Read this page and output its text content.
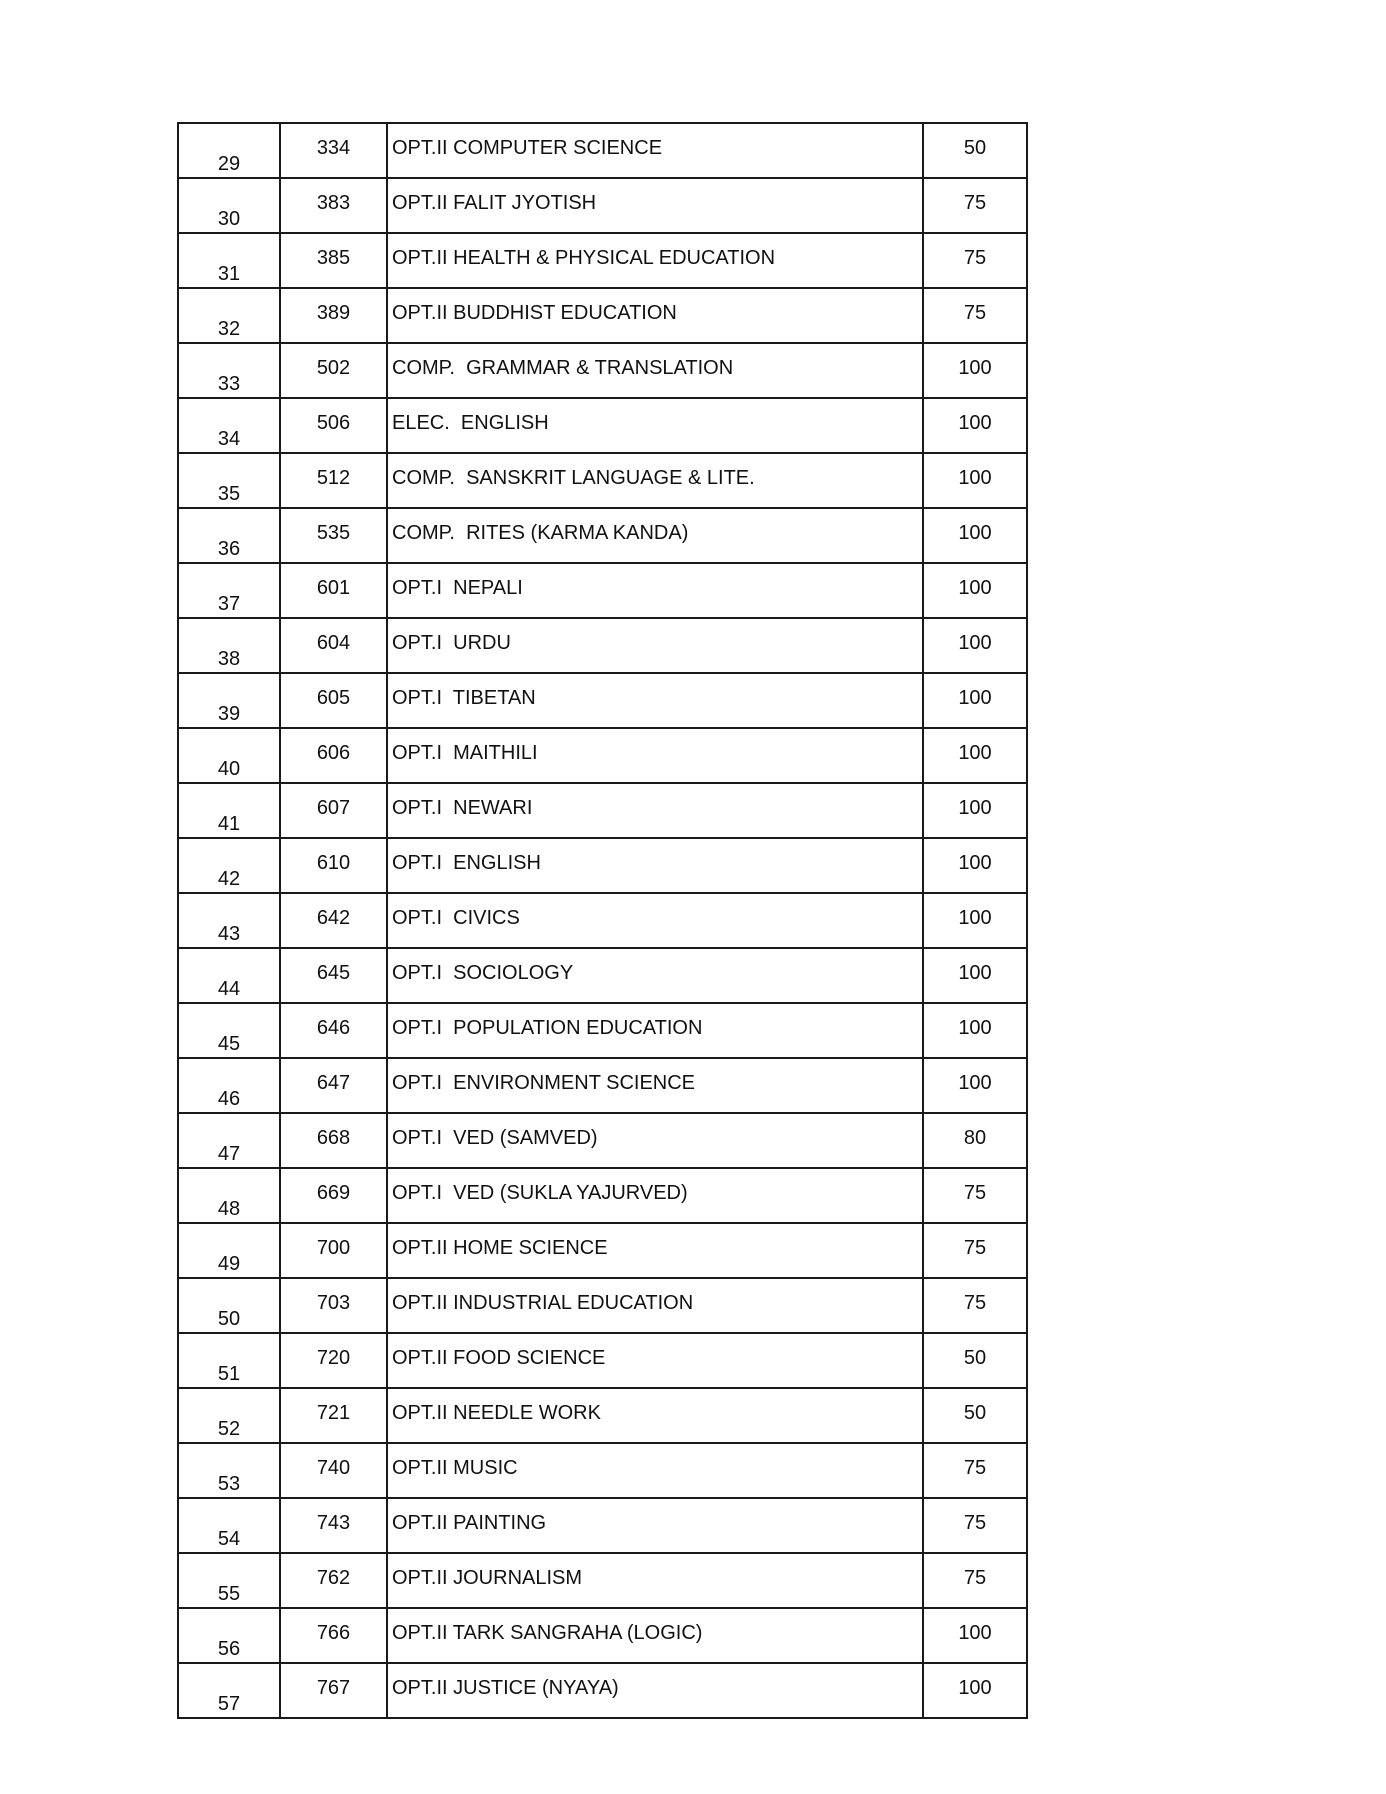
29	334	OPT.II COMPUTER SCIENCE	50
30	383	OPT.II FALIT JYOTISH	75
31	385	OPT.II HEALTH & PHYSICAL EDUCATION	75
32	389	OPT.II BUDDHIST EDUCATION	75
33	502	COMP.  GRAMMAR & TRANSLATION	100
34	506	ELEC.  ENGLISH	100
35	512	COMP.  SANSKRIT LANGUAGE & LITE.	100
36	535	COMP.  RITES (KARMA KANDA)	100
37	601	OPT.I  NEPALI	100
38	604	OPT.I  URDU	100
39	605	OPT.I  TIBETAN	100
40	606	OPT.I  MAITHILI	100
41	607	OPT.I  NEWARI	100
42	610	OPT.I  ENGLISH	100
43	642	OPT.I  CIVICS	100
44	645	OPT.I  SOCIOLOGY	100
45	646	OPT.I  POPULATION EDUCATION	100
46	647	OPT.I  ENVIRONMENT SCIENCE	100
47	668	OPT.I  VED (SAMVED)	80
48	669	OPT.I  VED (SUKLA YAJURVED)	75
49	700	OPT.II HOME SCIENCE	75
50	703	OPT.II INDUSTRIAL EDUCATION	75
51	720	OPT.II FOOD SCIENCE	50
52	721	OPT.II NEEDLE WORK	50
53	740	OPT.II MUSIC	75
54	743	OPT.II PAINTING	75
55	762	OPT.II JOURNALISM	75
56	766	OPT.II TARK SANGRAHA (LOGIC)	100
57	767	OPT.II JUSTICE (NYAYA)	100
